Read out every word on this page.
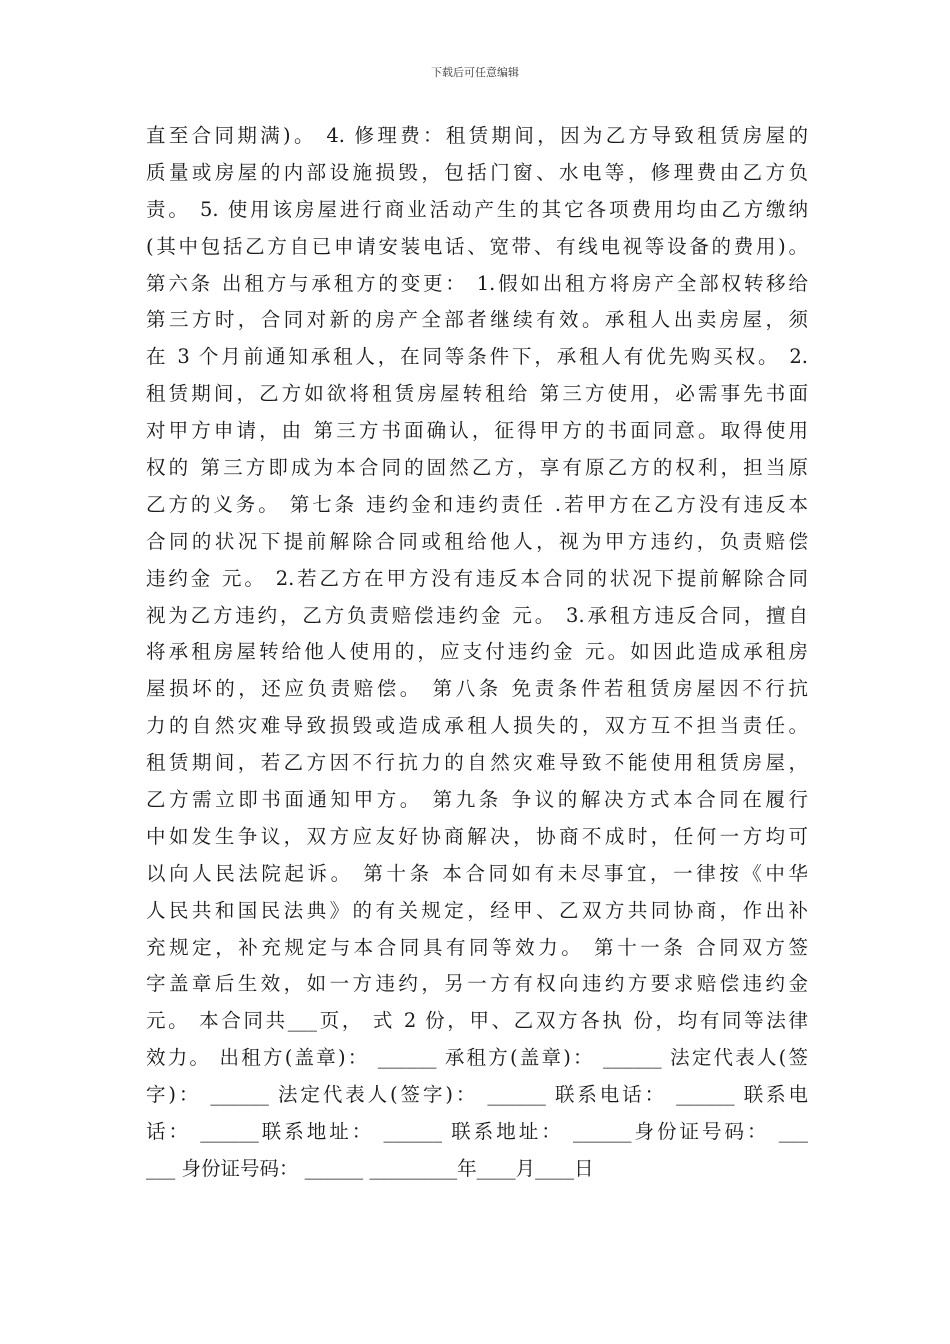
下载后可任意编辑
直至合同期满)。 4. 修理费：租赁期间，因为乙方导致租赁房屋的
质量或房屋的内部设施损毁，包括门窗、水电等，修理费由乙方负
责。 5. 使用该房屋进行商业活动产生的其它各项费用均由乙方缴纳
(其中包括乙方自已申请安装电话、宽带、有线电视等设备的费用)。
第六条 出租方与承租方的变更： 1.假如出租方将房产全部权转移给
第三方时，合同对新的房产全部者继续有效。承租人出卖房屋，须
在 3 个月前通知承租人，在同等条件下，承租人有优先购买权。 2.
租赁期间，乙方如欲将租赁房屋转租给 第三方使用，必需事先书面
对甲方申请，由 第三方书面确认，征得甲方的书面同意。取得使用
权的 第三方即成为本合同的固然乙方，享有原乙方的权利，担当原
乙方的义务。 第七条 违约金和违约责任 .若甲方在乙方没有违反本
合同的状况下提前解除合同或租给他人，视为甲方违约，负责赔偿
违约金 元。 2.若乙方在甲方没有违反本合同的状况下提前解除合同
视为乙方违约，乙方负责赔偿违约金 元。 3.承租方违反合同，擅自
将承租房屋转给他人使用的，应支付违约金 元。如因此造成承租房
屋损坏的，还应负责赔偿。 第八条 免责条件若租赁房屋因不行抗
力的自然灾难导致损毁或造成承租人损失的，双方互不担当责任。
租赁期间，若乙方因不行抗力的自然灾难导致不能使用租赁房屋，
乙方需立即书面通知甲方。 第九条 争议的解决方式本合同在履行
中如发生争议，双方应友好协商解决，协商不成时，任何一方均可
以向人民法院起诉。 第十条 本合同如有未尽事宜，一律按《中华
人民共和国民法典》的有关规定，经甲、乙双方共同协商，作出补
充规定，补充规定与本合同具有同等效力。 第十一条 合同双方签
字盖章后生效，如一方违约，另一方有权向违约方要求赔偿违约金
元。 本合同共___页， 式 2 份，甲、乙双方各执 份，均有同等法律
效力。 出租方(盖章)： ______ 承租方(盖章)： ______ 法定代表人(签
字)： ______ 法定代表人(签字)： ______ 联系电话： ______ 联系电
话： ______联系地址： ______ 联系地址： ______身份证号码： ___
___ 身份证号码： ______ _________年____月____日
